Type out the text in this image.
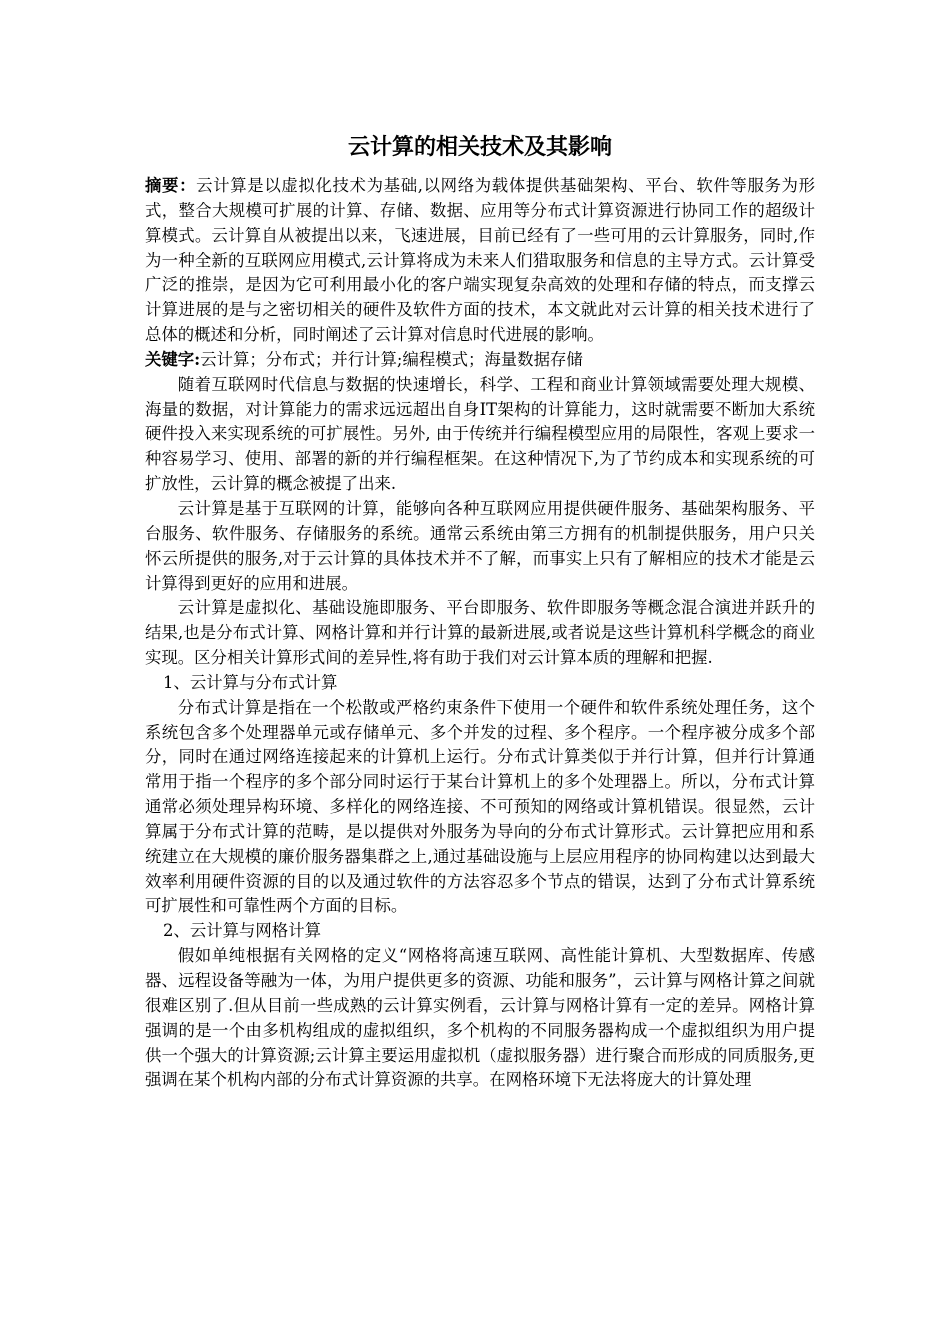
云计算的相关技术及其影响

摘要：云计算是以虚拟化技术为基础,以网络为载体提供基础架构、平台、软件等服务为形式，整合大规模可扩展的计算、存储、数据、应用等分布式计算资源进行协同工作的超级计算模式。云计算自从被提出以来，飞速进展，目前已经有了一些可用的云计算服务，同时,作为一种全新的互联网应用模式,云计算将成为未来人们猎取服务和信息的主导方式。云计算受广泛的推崇，是因为它可利用最小化的客户端实现复杂高效的处理和存储的特点，而支撑云计算进展的是与之密切相关的硬件及软件方面的技术，本文就此对云计算的相关技术进行了总体的概述和分析，同时阐述了云计算对信息时代进展的影响。

关键字:云计算；分布式；并行计算;编程模式；海量数据存储

随着互联网时代信息与数据的快速增长，科学、工程和商业计算领域需要处理大规模、海量的数据，对计算能力的需求远远超出自身IT架构的计算能力，这时就需要不断加大系统硬件投入来实现系统的可扩展性。另外, 由于传统并行编程模型应用的局限性，客观上要求一种容易学习、使用、部署的新的并行编程框架。在这种情况下,为了节约成本和实现系统的可扩放性，云计算的概念被提了出来.

云计算是基于互联网的计算，能够向各种互联网应用提供硬件服务、基础架构服务、平台服务、软件服务、存储服务的系统。通常云系统由第三方拥有的机制提供服务，用户只关怀云所提供的服务,对于云计算的具体技术并不了解，而事实上只有了解相应的技术才能是云计算得到更好的应用和进展。

云计算是虚拟化、基础设施即服务、平台即服务、软件即服务等概念混合演进并跃升的结果,也是分布式计算、网格计算和并行计算的最新进展,或者说是这些计算机科学概念的商业实现。区分相关计算形式间的差异性,将有助于我们对云计算本质的理解和把握.

1、云计算与分布式计算

分布式计算是指在一个松散或严格约束条件下使用一个硬件和软件系统处理任务，这个系统包含多个处理器单元或存储单元、多个并发的过程、多个程序。一个程序被分成多个部分，同时在通过网络连接起来的计算机上运行。分布式计算类似于并行计算，但并行计算通常用于指一个程序的多个部分同时运行于某台计算机上的多个处理器上。所以，分布式计算通常必须处理异构环境、多样化的网络连接、不可预知的网络或计算机错误。很显然，云计算属于分布式计算的范畴，是以提供对外服务为导向的分布式计算形式。云计算把应用和系统建立在大规模的廉价服务器集群之上,通过基础设施与上层应用程序的协同构建以达到最大效率利用硬件资源的目的以及通过软件的方法容忍多个节点的错误，达到了分布式计算系统可扩展性和可靠性两个方面的目标。

2、云计算与网格计算

假如单纯根据有关网格的定义“网格将高速互联网、高性能计算机、大型数据库、传感器、远程设备等融为一体，为用户提供更多的资源、功能和服务”，云计算与网格计算之间就很难区别了.但从目前一些成熟的云计算实例看，云计算与网格计算有一定的差异。网格计算强调的是一个由多机构组成的虚拟组织，多个机构的不同服务器构成一个虚拟组织为用户提供一个强大的计算资源;云计算主要运用虚拟机（虚拟服务器）进行聚合而形成的同质服务,更强调在某个机构内部的分布式计算资源的共享。在网格环境下无法将庞大的计算处理
